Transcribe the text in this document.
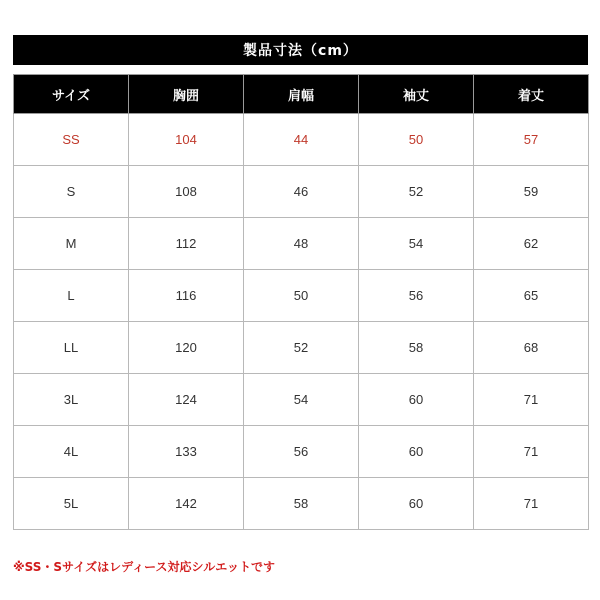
製品寸法（cm）
サイズ	胸囲	肩幅	袖丈	着丈
SS	104	44	50	57
S	108	46	52	59
M	112	48	54	62
L	116	50	56	65
LL	120	52	58	68
3L	124	54	60	71
4L	133	56	60	71
5L	142	58	60	71
※SS・Sサイズはレディース対応シルエットです
